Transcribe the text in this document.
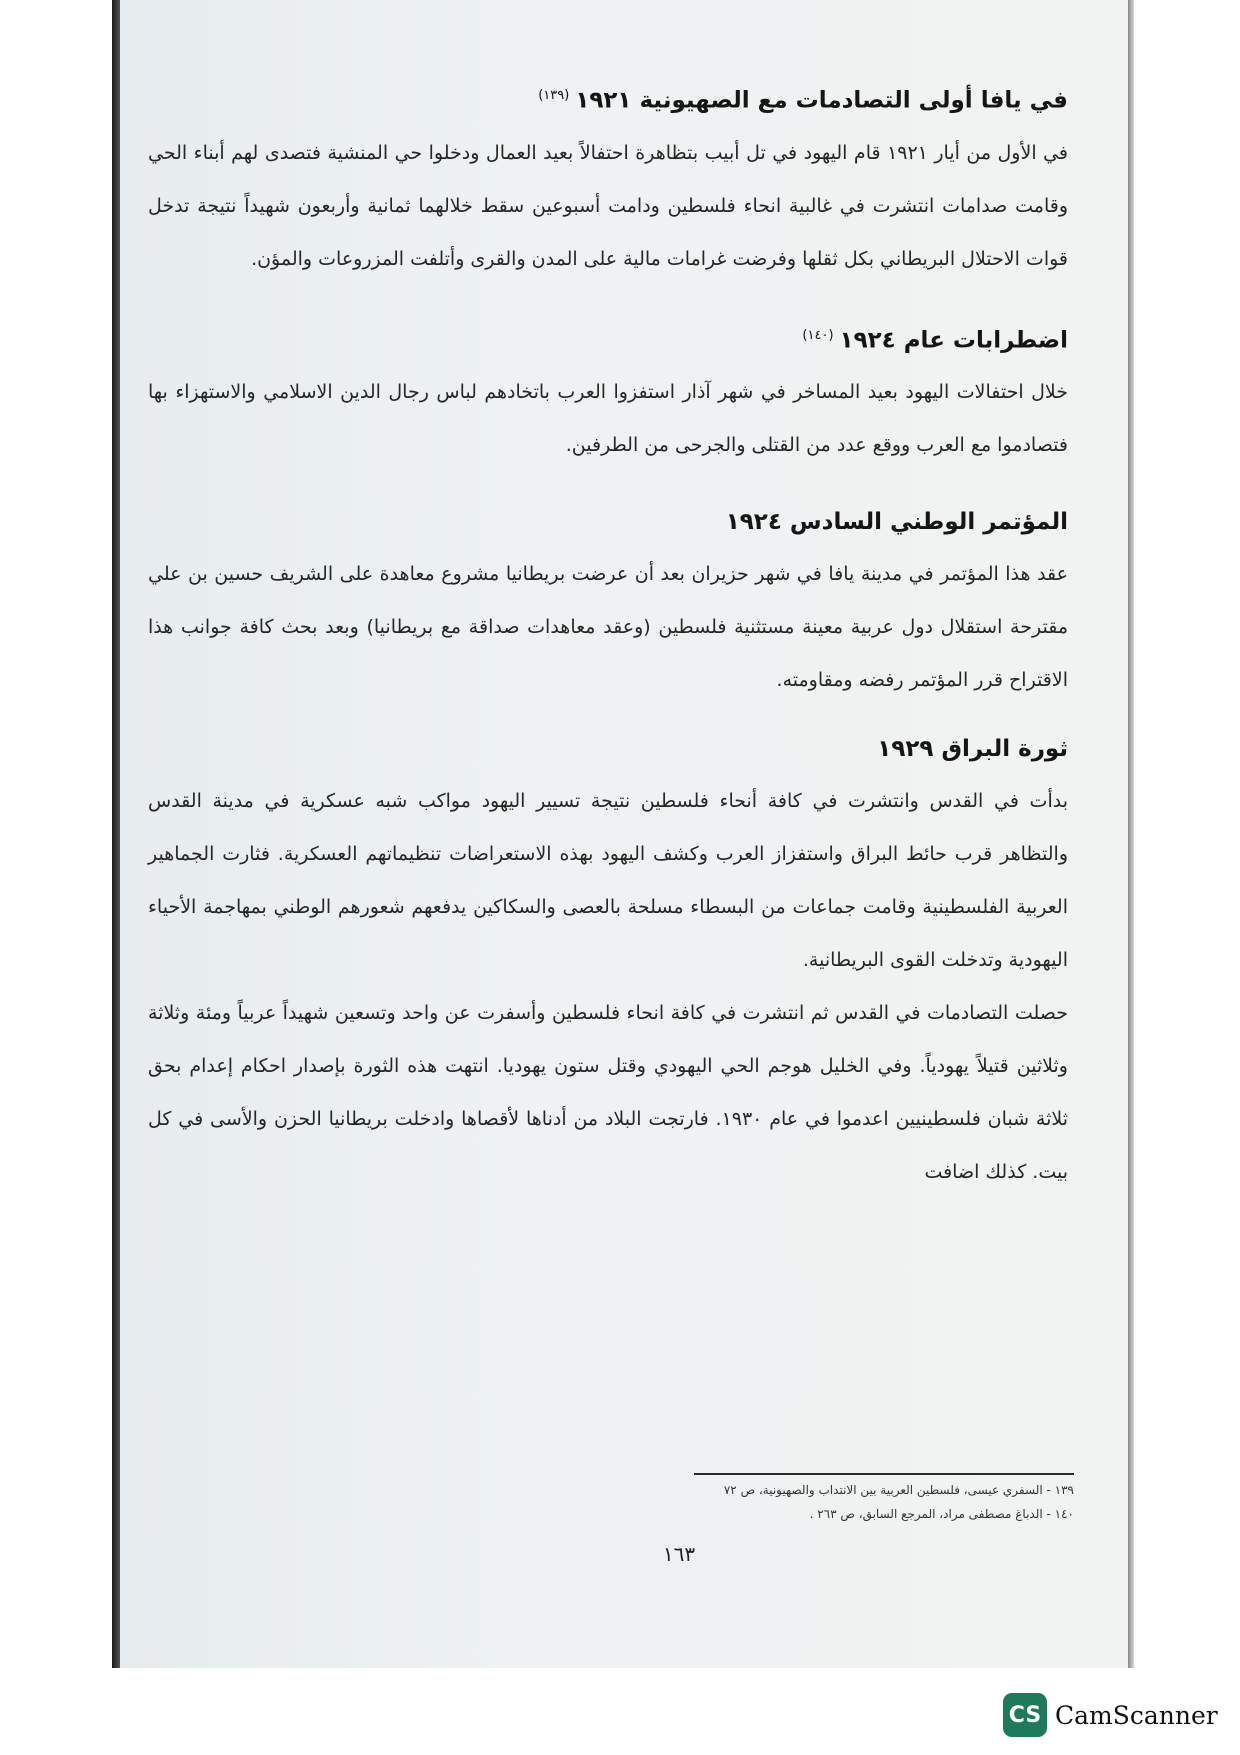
في يافا أولى التصادمات مع الصهيونية ١٩٢١$^{(١٣٩)}$

في الأول من أيار ١٩٢١ قام اليهود في تل أبيب بتظاهرة احتفالاً بعيد العمال ودخلوا حي المنشية فتصدى لهم أبناء الحي وقامت صدامات انتشرت في غالبية انحاء فلسطين ودامت أسبوعين سقط خلالهما ثمانية وأربعون شهيداً نتيجة تدخل قوات الاحتلال البريطاني بكل ثقلها وفرضت غرامات مالية على المدن والقرى وأتلفت المزروعات والمؤن.

اضطرابات عام ١٩٢٤$^{(١٤٠)}$

خلال احتفالات اليهود بعيد المساخر في شهر آذار استفزوا العرب باتخادهم لباس رجال الدين الاسلامي والاستهزاء بها فتصادموا مع العرب ووقع عدد من القتلى والجرحى من الطرفين.

المؤتمر الوطني السادس ١٩٢٤

عقد هذا المؤتمر في مدينة يافا في شهر حزيران بعد أن عرضت بريطانيا مشروع معاهدة على الشريف حسين بن علي مقترحة استقلال دول عربية معينة مستثنية فلسطين (وعقد معاهدات صداقة مع بريطانيا) وبعد بحث كافة جوانب هذا الاقتراح قرر المؤتمر رفضه ومقاومته.

ثورة البراق ١٩٢٩

بدأت في القدس وانتشرت في كافة أنحاء فلسطين نتيجة تسيير اليهود مواكب شبه عسكرية في مدينة القدس والتظاهر قرب حائط البراق واستفزاز العرب وكشف اليهود بهذه الاستعراضات تنظيماتهم العسكرية. فثارت الجماهير العربية الفلسطينية وقامت جماعات من البسطاء مسلحة بالعصى والسكاكين يدفعهم شعورهم الوطني بمهاجمة الأحياء اليهودية وتدخلت القوى البريطانية.

حصلت التصادمات في القدس ثم انتشرت في كافة انحاء فلسطين وأسفرت عن واحد وتسعين شهيداً عربياً ومئة وثلاثة وثلاثين قتيلاً يهودياً. وفي الخليل هوجم الحي اليهودي وقتل ستون يهوديا. انتهت هذه الثورة بإصدار احكام إعدام بحق ثلاثة شبان فلسطينيين اعدموا في عام ١٩٣٠. فارتجت البلاد من أدناها لأقصاها وادخلت بريطانيا الحزن والأسى في كل بيت. كذلك اضافت

١٣٩ - السفري عيسى، فلسطين العربية بين الانتداب والصهيونية، ص ٧٢
١٤٠ - الدباغ مصطفى مراد، المرجع السابق، ص ٢٦٣ .
١٦٣
CS CamScanner
